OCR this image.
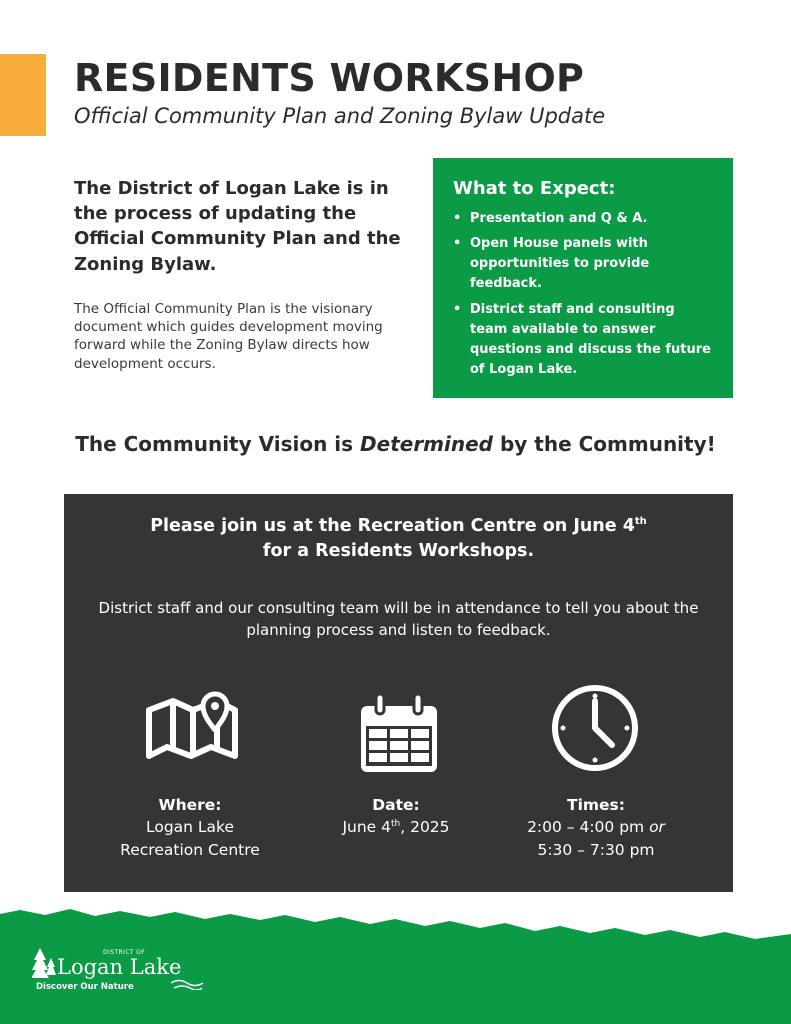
RESIDENTS WORKSHOP

Official Community Plan and Zoning Bylaw Update

The District of Logan Lake is in the process of updating the Official Community Plan and the Zoning Bylaw.

The Official Community Plan is the visionary document which guides development moving forward while the Zoning Bylaw directs how development occurs.

What to Expect:

• Presentation and Q & A.
• Open House panels with opportunities to provide feedback.
• District staff and consulting team available to answer questions and discuss the future of Logan Lake.

The Community Vision is Determined by the Community!

Please join us at the Recreation Centre on June 4th
for a Residents Workshops.

District staff and our consulting team will be in attendance to tell you about the planning process and listen to feedback.

Where:
Logan Lake
Recreation Centre
Date:
June 4th, 2025
Times:
2:00 – 4:00 pm or
5:30 – 7:30 pm
DISTRICT OF
Logan Lake
Discover Our Nature
